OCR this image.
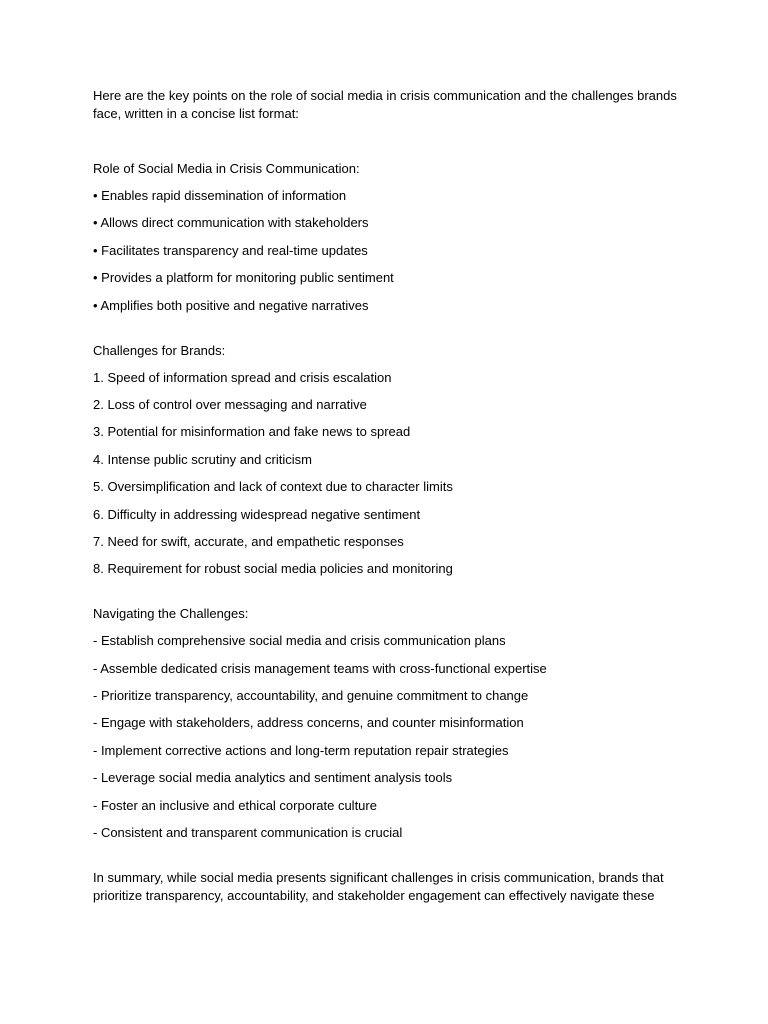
Here are the key points on the role of social media in crisis communication and the challenges brands face, written in a concise list format:

Role of Social Media in Crisis Communication:

• Enables rapid dissemination of information

• Allows direct communication with stakeholders

• Facilitates transparency and real-time updates

• Provides a platform for monitoring public sentiment

• Amplifies both positive and negative narratives

Challenges for Brands:

1. Speed of information spread and crisis escalation

2. Loss of control over messaging and narrative

3. Potential for misinformation and fake news to spread

4. Intense public scrutiny and criticism

5. Oversimplification and lack of context due to character limits

6. Difficulty in addressing widespread negative sentiment

7. Need for swift, accurate, and empathetic responses

8. Requirement for robust social media policies and monitoring

Navigating the Challenges:

- Establish comprehensive social media and crisis communication plans

- Assemble dedicated crisis management teams with cross-functional expertise

- Prioritize transparency, accountability, and genuine commitment to change

- Engage with stakeholders, address concerns, and counter misinformation

- Implement corrective actions and long-term reputation repair strategies

- Leverage social media analytics and sentiment analysis tools

- Foster an inclusive and ethical corporate culture

- Consistent and transparent communication is crucial

In summary, while social media presents significant challenges in crisis communication, brands that prioritize transparency, accountability, and stakeholder engagement can effectively navigate these
